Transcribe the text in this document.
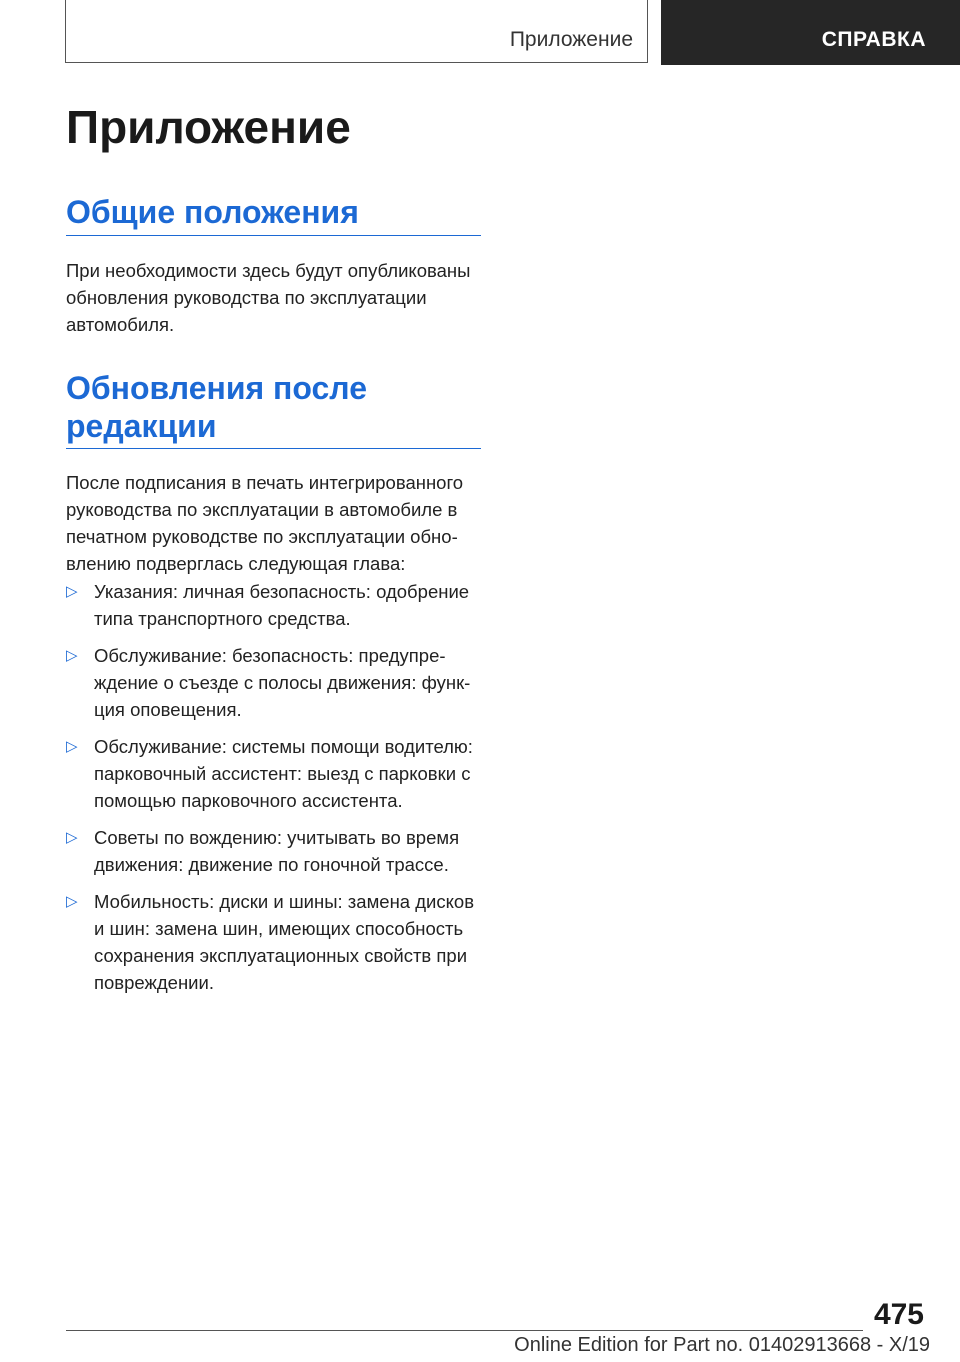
Приложение	СПРАВКА
Приложение
Общие положения

При необходимости здесь будут опубликованы обновления руководства по эксплуатации автомобиля.

Обновления после редакции

После подписания в печать интегрированного руководства по эксплуатации в автомобиле в печатном руководстве по эксплуатации обновлению подверглась следующая глава:

▷ Указания: личная безопасность: одобрение типа транспортного средства.
▷ Обслуживание: безопасность: предупреждение о съезде с полосы движения: функция оповещения.
▷ Обслуживание: системы помощи водителю: парковочный ассистент: выезд с парковки с помощью парковочного ассистента.
▷ Советы по вождению: учитывать во время движения: движение по гоночной трассе.
▷ Мобильность: диски и шины: замена дисков и шин: замена шин, имеющих способность сохранения эксплуатационных свойств при повреждении.
475
Online Edition for Part no. 01402913668 - X/19
